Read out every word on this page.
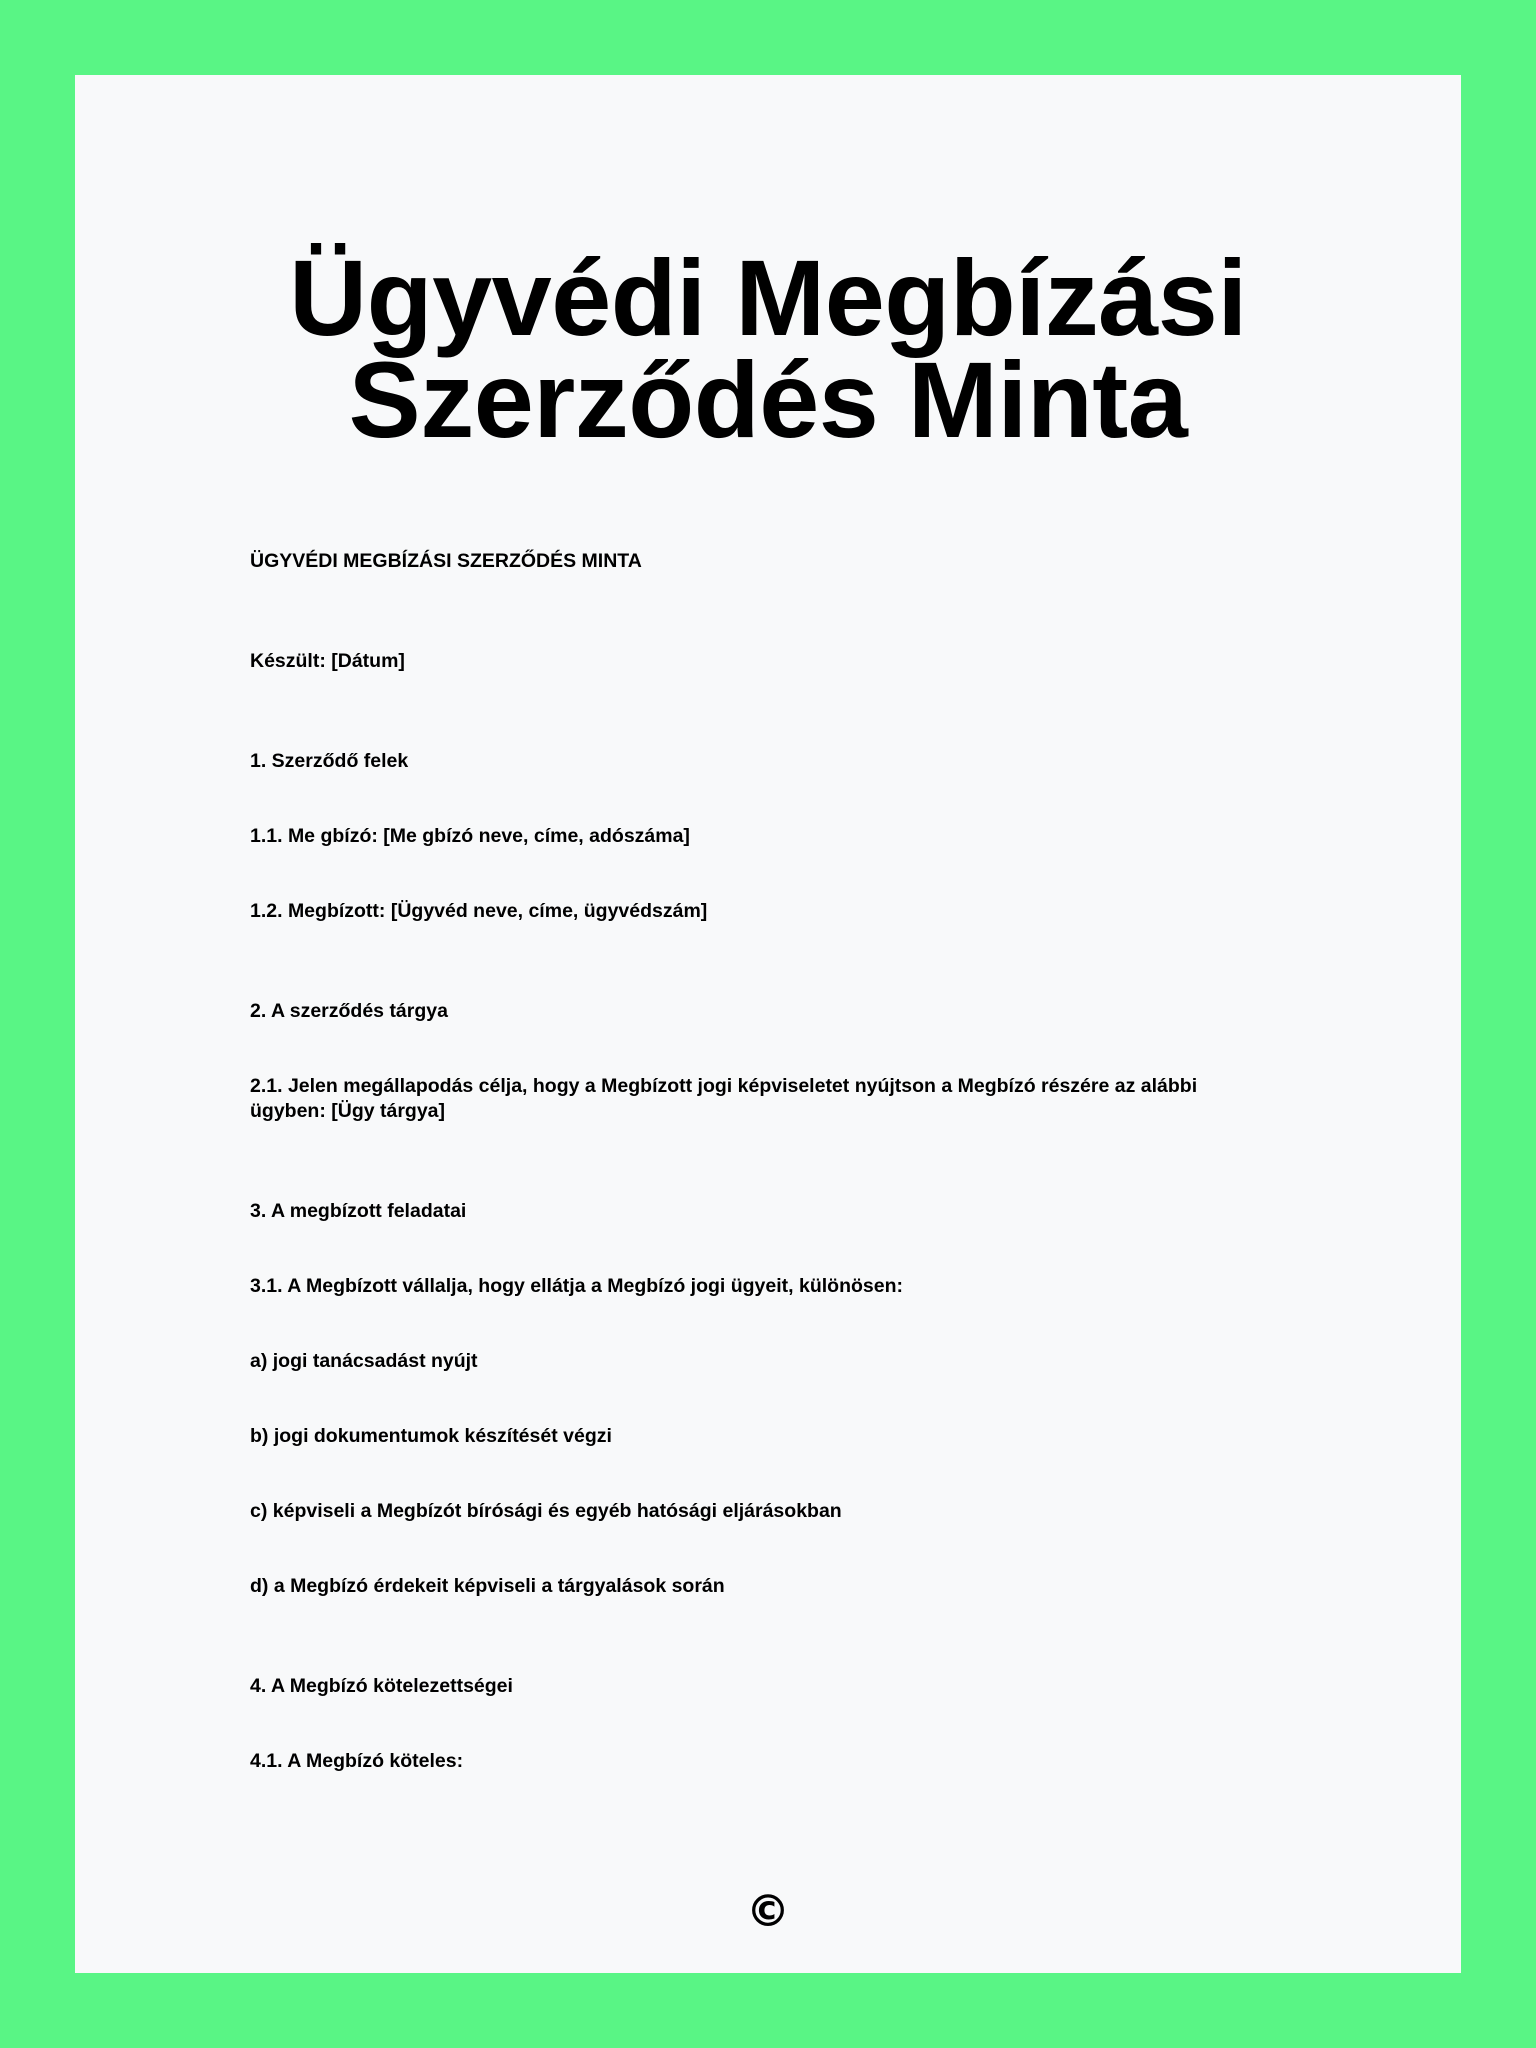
Ügyvédi Megbízási
Szerződés Minta

ÜGYVÉDI MEGBÍZÁSI SZERZŐDÉS MINTA

Készült: [Dátum]

1. Szerződő felek

1.1. Me gbízó: [Me gbízó neve, címe, adószáma]

1.2. Megbízott: [Ügyvéd neve, címe, ügyvédszám]

2. A szerződés tárgya

2.1. Jelen megállapodás célja, hogy a Megbízott jogi képviseletet nyújtson a Megbízó részére az alábbi ügyben: [Ügy tárgya]

3. A megbízott feladatai

3.1. A Megbízott vállalja, hogy ellátja a Megbízó jogi ügyeit, különösen:

a) jogi tanácsadást nyújt

b) jogi dokumentumok készítését végzi

c) képviseli a Megbízót bírósági és egyéb hatósági eljárásokban

d) a Megbízó érdekeit képviseli a tárgyalások során

4. A Megbízó kötelezettségei

4.1. A Megbízó köteles:

©
